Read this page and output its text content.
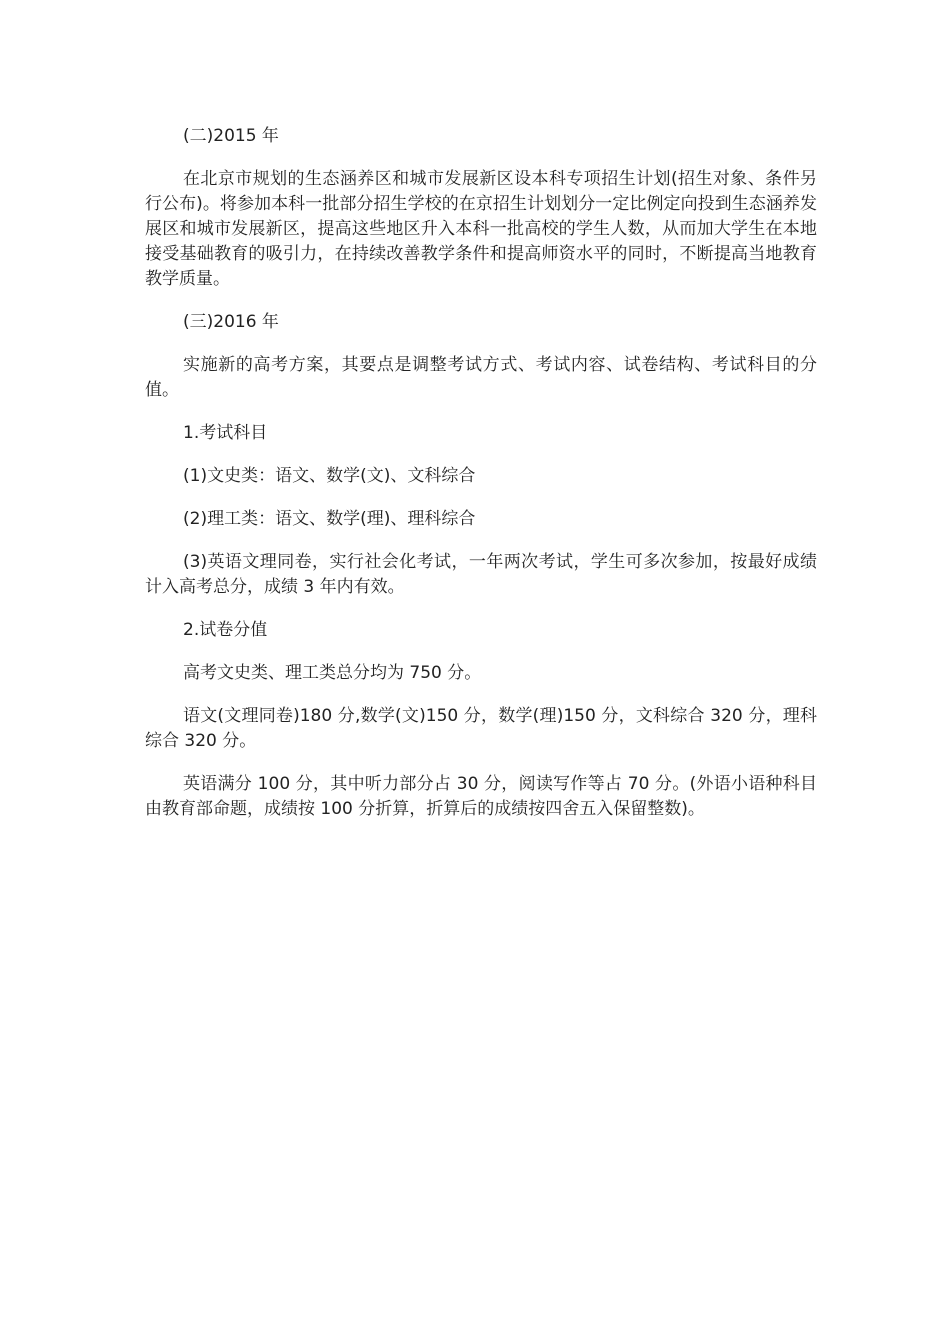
(二)2015 年

在北京市规划的生态涵养区和城市发展新区设本科专项招生计划(招生对象、条件另行公布)。将参加本科一批部分招生学校的在京招生计划划分一定比例定向投到生态涵养发展区和城市发展新区，提高这些地区升入本科一批高校的学生人数，从而加大学生在本地接受基础教育的吸引力，在持续改善教学条件和提高师资水平的同时，不断提高当地教育教学质量。

(三)2016 年

实施新的高考方案，其要点是调整考试方式、考试内容、试卷结构、考试科目的分值。

1.考试科目

(1)文史类：语文、数学(文)、文科综合

(2)理工类：语文、数学(理)、理科综合

(3)英语文理同卷，实行社会化考试，一年两次考试，学生可多次参加，按最好成绩计入高考总分，成绩 3 年内有效。

2.试卷分值

高考文史类、理工类总分均为 750 分。

语文(文理同卷)180 分,数学(文)150 分，数学(理)150 分，文科综合 320 分，理科综合 320 分。

英语满分 100 分，其中听力部分占 30 分，阅读写作等占 70 分。(外语小语种科目由教育部命题，成绩按 100 分折算，折算后的成绩按四舍五入保留整数)。
